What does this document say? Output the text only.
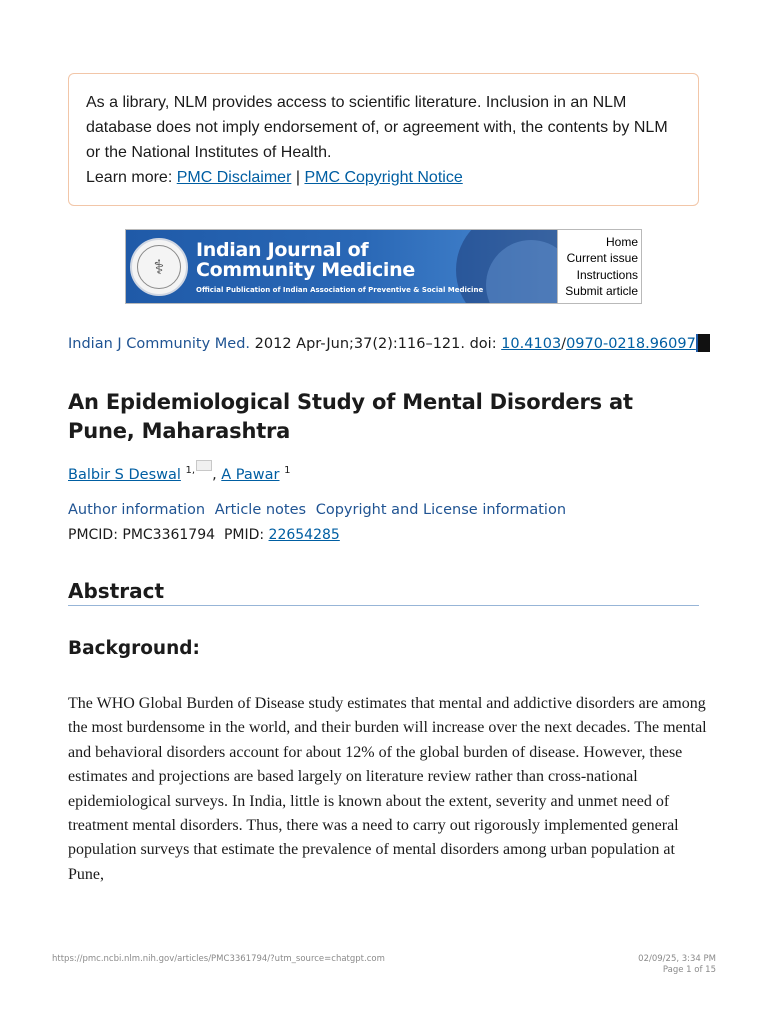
As a library, NLM provides access to scientific literature. Inclusion in an NLM database does not imply endorsement of, or agreement with, the contents by NLM or the National Institutes of Health.
Learn more: PMC Disclaimer | PMC Copyright Notice
⚕
Indian Journal of
Community Medicine
Official Publication of Indian Association of Preventive & Social Medicine
Home
Current issue
Instructions
Submit article
Indian J Community Med. 2012 Apr-Jun;37(2):116–121. doi: 10.4103/0970-0218.96097
An Epidemiological Study of Mental Disorders at Pune, Maharashtra
Balbir S Deswal $^{1,}$ , A Pawar $^1$
Author information Article notes Copyright and License information
PMCID: PMC3361794 PMID: 22654285
Abstract
Background:

The WHO Global Burden of Disease study estimates that mental and addictive disorders are among the most burdensome in the world, and their burden will increase over the next decades. The mental and behavioral disorders account for about 12% of the global burden of disease. However, these estimates and projections are based largely on literature review rather than cross-national epidemiological surveys. In India, little is known about the extent, severity and unmet need of treatment mental disorders. Thus, there was a need to carry out rigorously implemented general population surveys that estimate the prevalence of mental disorders among urban population at Pune,

https://pmc.ncbi.nlm.nih.gov/articles/PMC3361794/?utm_source=chatgpt.com	02/09/25, 3:34 PM
Page 1 of 15
